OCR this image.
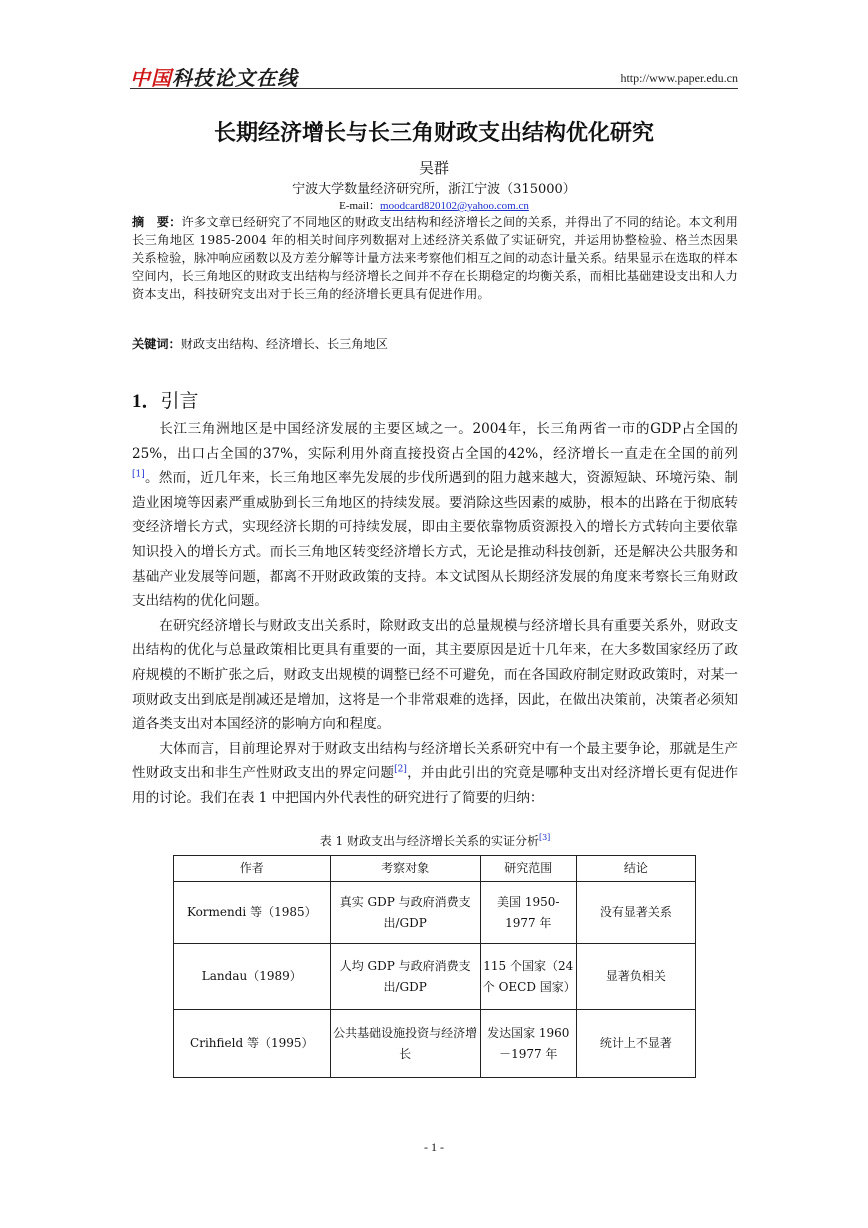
中国科技论文在线	http://www.paper.edu.cn
长期经济增长与长三角财政支出结构优化研究
吴群
宁波大学数量经济研究所，浙江宁波（315000）
E-mail：moodcard820102@yahoo.com.cn
摘　要：许多文章已经研究了不同地区的财政支出结构和经济增长之间的关系，并得出了不同的结论。本文利用长三角地区 1985-2004 年的相关时间序列数据对上述经济关系做了实证研究，并运用协整检验、格兰杰因果关系检验，脉冲响应函数以及方差分解等计量方法来考察他们相互之间的动态计量关系。结果显示在选取的样本空间内，长三角地区的财政支出结构与经济增长之间并不存在长期稳定的均衡关系，而相比基础建设支出和人力资本支出，科技研究支出对于长三角的经济增长更具有促进作用。
关键词：财政支出结构、经济增长、长三角地区
1．引言

长江三角洲地区是中国经济发展的主要区域之一。2004年，长三角两省一市的GDP占全国的25%，出口占全国的37%，实际利用外商直接投资占全国的42%，经济增长一直走在全国的前列[1]。然而，近几年来，长三角地区率先发展的步伐所遇到的阻力越来越大，资源短缺、环境污染、制造业困境等因素严重威胁到长三角地区的持续发展。要消除这些因素的威胁，根本的出路在于彻底转变经济增长方式，实现经济长期的可持续发展，即由主要依靠物质资源投入的增长方式转向主要依靠知识投入的增长方式。而长三角地区转变经济增长方式，无论是推动科技创新，还是解决公共服务和基础产业发展等问题，都离不开财政政策的支持。本文试图从长期经济发展的角度来考察长三角财政支出结构的优化问题。

在研究经济增长与财政支出关系时，除财政支出的总量规模与经济增长具有重要关系外，财政支出结构的优化与总量政策相比更具有重要的一面，其主要原因是近十几年来，在大多数国家经历了政府规模的不断扩张之后，财政支出规模的调整已经不可避免，而在各国政府制定财政政策时，对某一项财政支出到底是削减还是增加，这将是一个非常艰难的选择，因此，在做出决策前，决策者必须知道各类支出对本国经济的影响方向和程度。

大体而言，目前理论界对于财政支出结构与经济增长关系研究中有一个最主要争论，那就是生产性财政支出和非生产性财政支出的界定问题[2]，并由此引出的究竟是哪种支出对经济增长更有促进作用的讨论。我们在表 1 中把国内外代表性的研究进行了简要的归纳：

表 1 财政支出与经济增长关系的实证分析[3]
作者	考察对象	研究范围	结论
Kormendi 等（1985）	真实 GDP 与政府消费支出/GDP	美国 1950-1977 年	没有显著关系
Landau（1989）	人均 GDP 与政府消费支出/GDP	115 个国家（24 个 OECD 国家）	显著负相关
Crihfield 等（1995）	公共基础设施投资与经济增长	发达国家 1960－1977 年	统计上不显著
- 1 -
